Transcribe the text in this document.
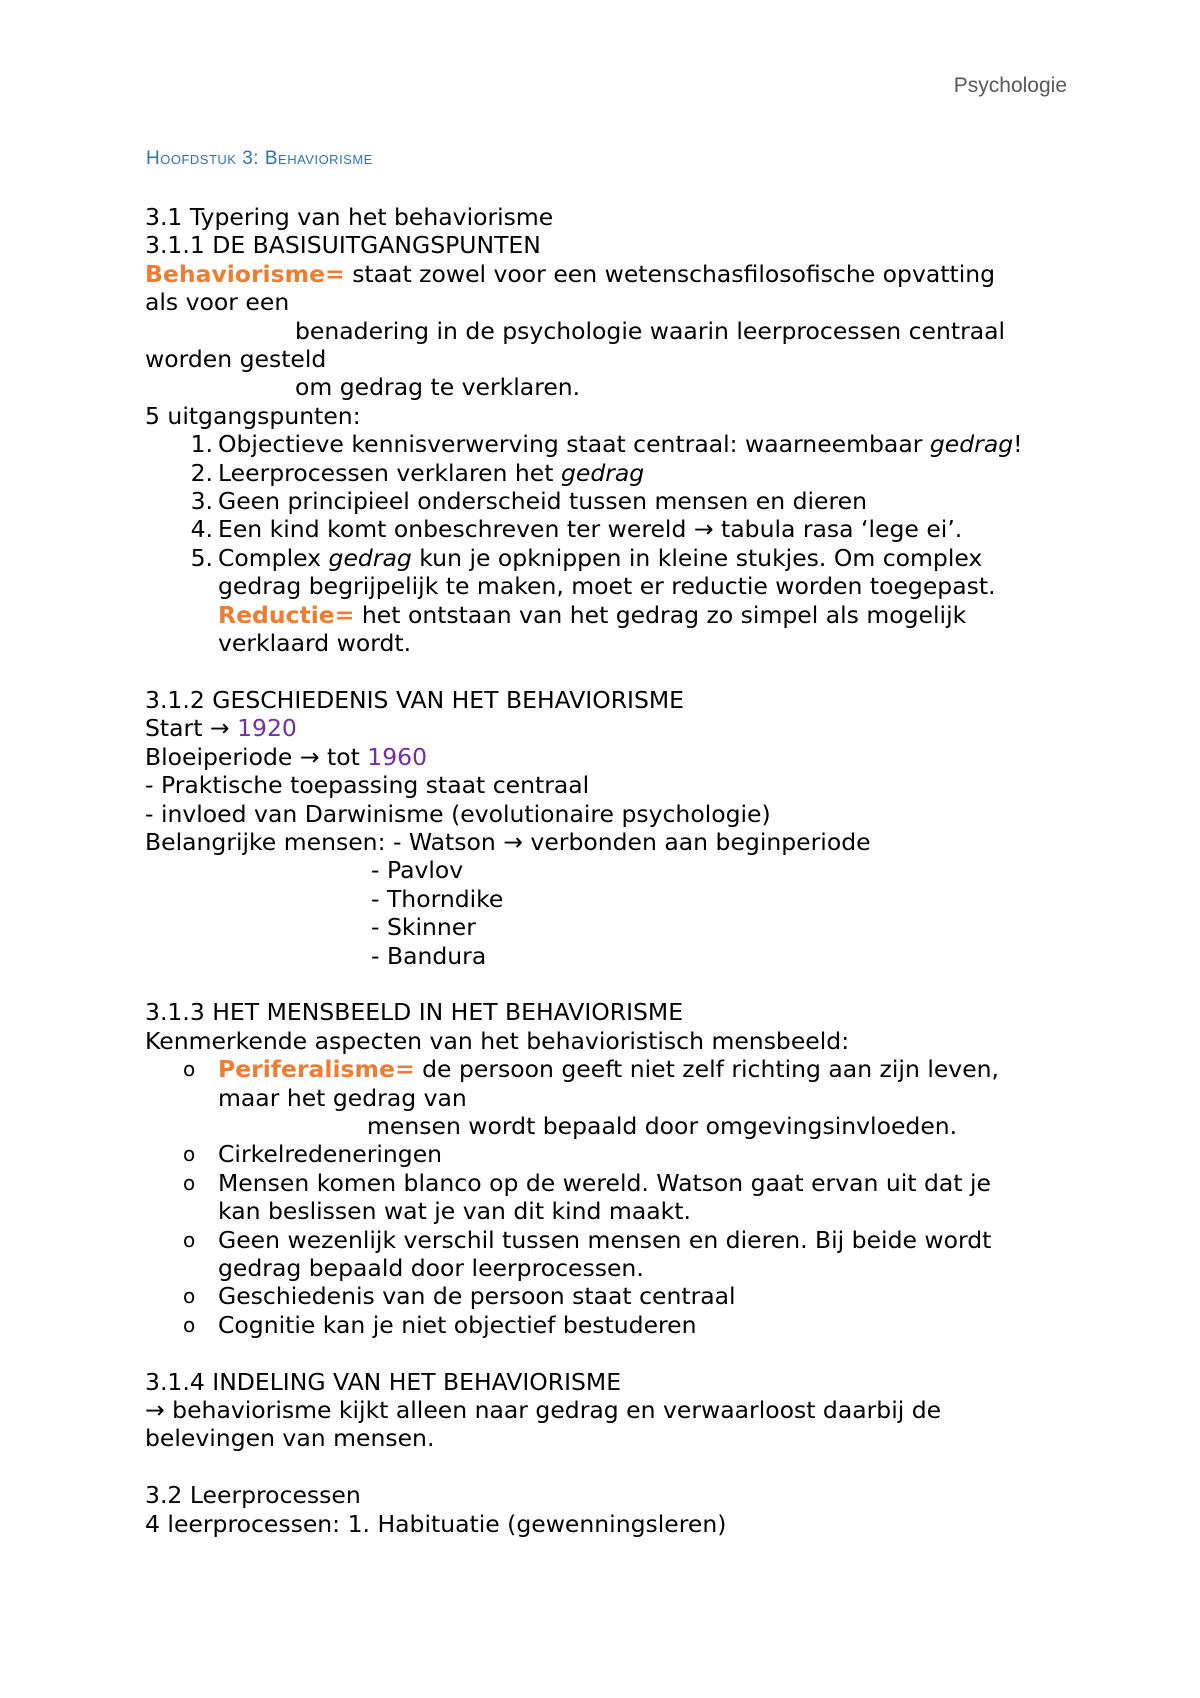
Psychologie
Hoofdstuk 3: Behaviorisme
3.1 Typering van het behaviorisme
3.1.1 DE BASISUITGANGSPUNTEN
Behaviorisme= staat zowel voor een wetenschasfilosofische opvatting
als voor een
benadering in de psychologie waarin leerprocessen centraal
worden gesteld
om gedrag te verklaren.
5 uitgangspunten:
1. Objectieve kennisverwerving staat centraal: waarneembaar gedrag!
2. Leerprocessen verklaren het gedrag
3. Geen principieel onderscheid tussen mensen en dieren
4. Een kind komt onbeschreven ter wereld → tabula rasa ‘lege ei’.
5. Complex gedrag kun je opknippen in kleine stukjes. Om complex
gedrag begrijpelijk te maken, moet er reductie worden toegepast.
Reductie= het ontstaan van het gedrag zo simpel als mogelijk
verklaard wordt.
3.1.2 GESCHIEDENIS VAN HET BEHAVIORISME
Start → 1920
Bloeiperiode → tot 1960
- Praktische toepassing staat centraal
- invloed van Darwinisme (evolutionaire psychologie)
Belangrijke mensen: - Watson → verbonden aan beginperiode
- Pavlov
- Thorndike
- Skinner
- Bandura
3.1.3 HET MENSBEELD IN HET BEHAVIORISME
Kenmerkende aspecten van het behavioristisch mensbeeld:
o Periferalisme= de persoon geeft niet zelf richting aan zijn leven,
maar het gedrag van
mensen wordt bepaald door omgevingsinvloeden.
o Cirkelredeneringen
o Mensen komen blanco op de wereld. Watson gaat ervan uit dat je
kan beslissen wat je van dit kind maakt.
o Geen wezenlijk verschil tussen mensen en dieren. Bij beide wordt
gedrag bepaald door leerprocessen.
o Geschiedenis van de persoon staat centraal
o Cognitie kan je niet objectief bestuderen
3.1.4 INDELING VAN HET BEHAVIORISME
→ behaviorisme kijkt alleen naar gedrag en verwaarloost daarbij de
belevingen van mensen.
3.2 Leerprocessen
4 leerprocessen: 1. Habituatie (gewenningsleren)
